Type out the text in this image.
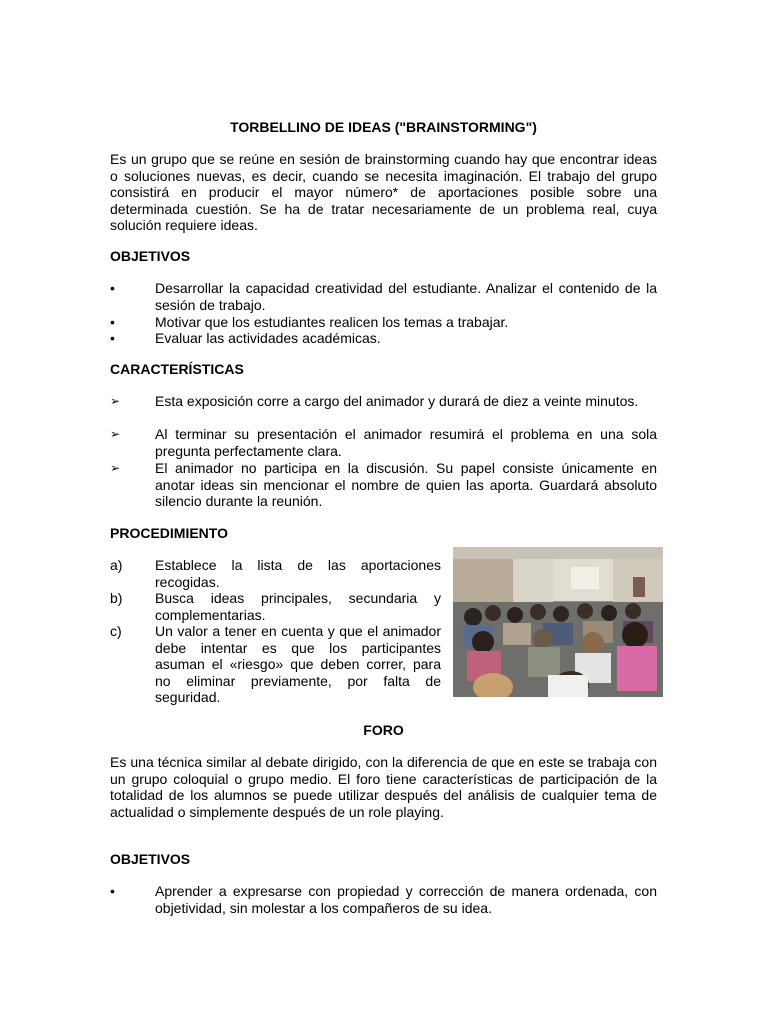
TORBELLINO DE IDEAS ("BRAINSTORMING")

Es un grupo que se reúne en sesión de brainstorming cuando hay que encontrar ideas o soluciones nuevas, es decir, cuando se necesita imaginación. El trabajo del grupo consistirá en producir el mayor número* de aportaciones posible sobre una determinada cuestión. Se ha de tratar necesariamente de un problema real, cuya solución requiere ideas.

OBJETIVOS
•	Desarrollar la capacidad creatividad del estudiante. Analizar el contenido de la sesión de trabajo.
•	Motivar que los estudiantes realicen los temas a trabajar.
•	Evaluar las actividades académicas.
CARACTERÍSTICAS
➢	Esta exposición corre a cargo del animador y durará de diez a veinte minutos.
➢	Al terminar su presentación el animador resumirá el problema en una sola pregunta perfectamente clara.
➢	El animador no participa en la discusión. Su papel consiste únicamente en anotar ideas sin mencionar el nombre de quien las aporta. Guardará absoluto silencio durante la reunión.
PROCEDIMIENTO
a)	Establece la lista de las aportaciones recogidas.
b)	Busca ideas principales, secundaria y complementarias.
c)	Un valor a tener en cuenta y que el animador debe intentar es que los participantes asuman el «riesgo» que deben correr, para no eliminar previamente, por falta de seguridad.
FORO

Es una técnica similar al debate dirigido, con la diferencia de que en este se trabaja con un grupo coloquial o grupo medio. El foro tiene características de participación de la totalidad de los alumnos se puede utilizar después del análisis de cualquier tema de actualidad o simplemente después de un role playing.

OBJETIVOS
•	Aprender a expresarse con propiedad y corrección de manera ordenada, con objetividad, sin molestar a los compañeros de su idea.
